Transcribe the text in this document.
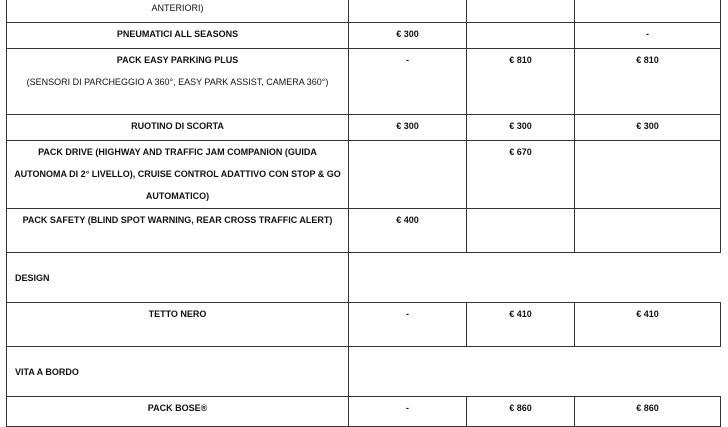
ANTERIORI)			
PNEUMATICI ALL SEASONS	€ 300		-

PACK EASY PARKING PLUS
(SENSORI DI PARCHEGGIO A 360°, EASY PARK ASSIST, CAMERA 360°)	-	€ 810	€ 810
RUOTINO DI SCORTA	€ 300	€ 300	€ 300
PACK DRIVE (HIGHWAY AND TRAFFIC JAM COMPANION (GUIDA AUTONOMA DI 2° LIVELLO), CRUISE CONTROL ADATTIVO CON STOP & GO AUTOMATICO)		€ 670	
PACK SAFETY (BLIND SPOT WARNING, REAR CROSS TRAFFIC ALERT)	€ 400		
DESIGN			
TETTO NERO	-	€ 410	€ 410
VITA A BORDO			
PACK BOSE®	-	€ 860	€ 860
